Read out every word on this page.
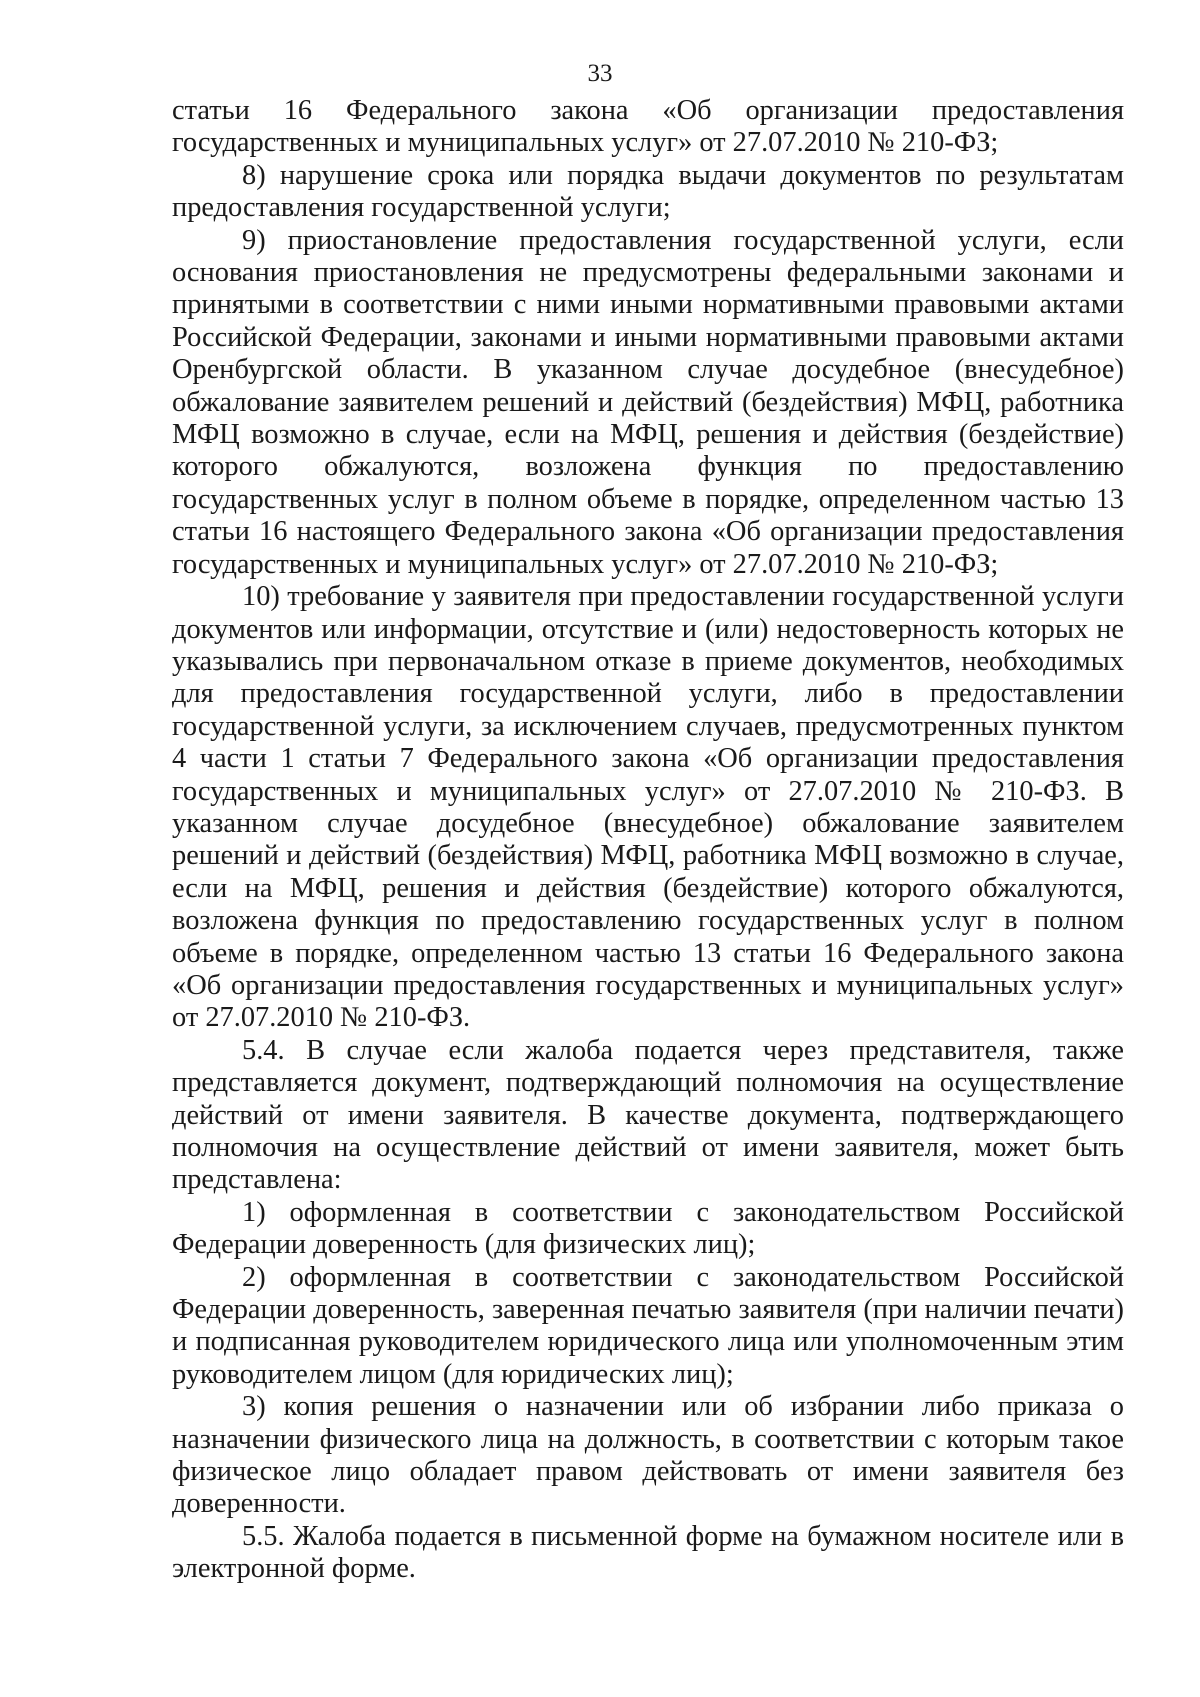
33

статьи 16 Федерального закона «Об организации предоставления государственных и муниципальных услуг» от 27.07.2010 № 210-ФЗ;

8) нарушение срока или порядка выдачи документов по результатам предоставления государственной услуги;

9) приостановление предоставления государственной услуги, если основания приостановления не предусмотрены федеральными законами и принятыми в соответствии с ними иными нормативными правовыми актами Российской Федерации, законами и иными нормативными правовыми актами Оренбургской области. В указанном случае досудебное (внесудебное) обжалование заявителем решений и действий (бездействия) МФЦ, работника МФЦ возможно в случае, если на МФЦ, решения и действия (бездействие) которого обжалуются, возложена функция по предоставлению государственных услуг в полном объеме в порядке, определенном частью 13 статьи 16 настоящего Федерального закона «Об организации предоставления государственных и муниципальных услуг» от 27.07.2010 № 210-ФЗ;

10) требование у заявителя при предоставлении государственной услуги документов или информации, отсутствие и (или) недостоверность которых не указывались при первоначальном отказе в приеме документов, необходимых для предоставления государственной услуги, либо в предоставлении государственной услуги, за исключением случаев, предусмотренных пунктом 4 части 1 статьи 7 Федерального закона «Об организации предоставления государственных и муниципальных услуг» от 27.07.2010 № 210-ФЗ. В указанном случае досудебное (внесудебное) обжалование заявителем решений и действий (бездействия) МФЦ, работника МФЦ возможно в случае, если на МФЦ, решения и действия (бездействие) которого обжалуются, возложена функция по предоставлению государственных услуг в полном объеме в порядке, определенном частью 13 статьи 16 Федерального закона «Об организации предоставления государственных и муниципальных услуг» от 27.07.2010 № 210-ФЗ.

5.4. В случае если жалоба подается через представителя, также представляется документ, подтверждающий полномочия на осуществление действий от имени заявителя. В качестве документа, подтверждающего полномочия на осуществление действий от имени заявителя, может быть представлена:

1) оформленная в соответствии с законодательством Российской Федерации доверенность (для физических лиц);

2) оформленная в соответствии с законодательством Российской Федерации доверенность, заверенная печатью заявителя (при наличии печати) и подписанная руководителем юридического лица или уполномоченным этим руководителем лицом (для юридических лиц);

3) копия решения о назначении или об избрании либо приказа о назначении физического лица на должность, в соответствии с которым такое физическое лицо обладает правом действовать от имени заявителя без доверенности.

5.5. Жалоба подается в письменной форме на бумажном носителе или в электронной форме.
